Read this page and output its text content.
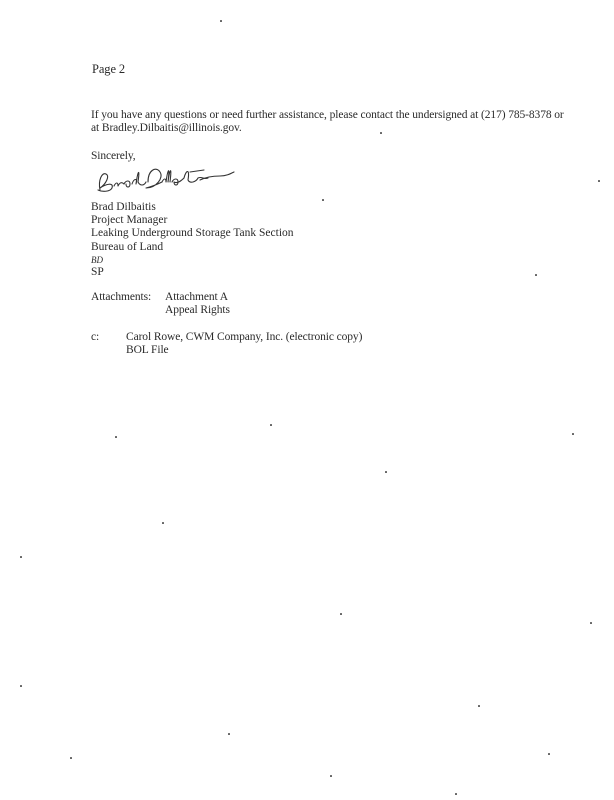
Page 2
If you have any questions or need further assistance, please contact the undersigned at (217) 785-8378 or
at Bradley.Dilbaitis@illinois.gov.
Sincerely,
Brad Dilbaitis
Project Manager
Leaking Underground Storage Tank Section
Bureau of Land
BD
SP
Attachments: Attachment A
Appeal Rights
c: Carol Rowe, CWM Company, Inc. (electronic copy)
BOL File
